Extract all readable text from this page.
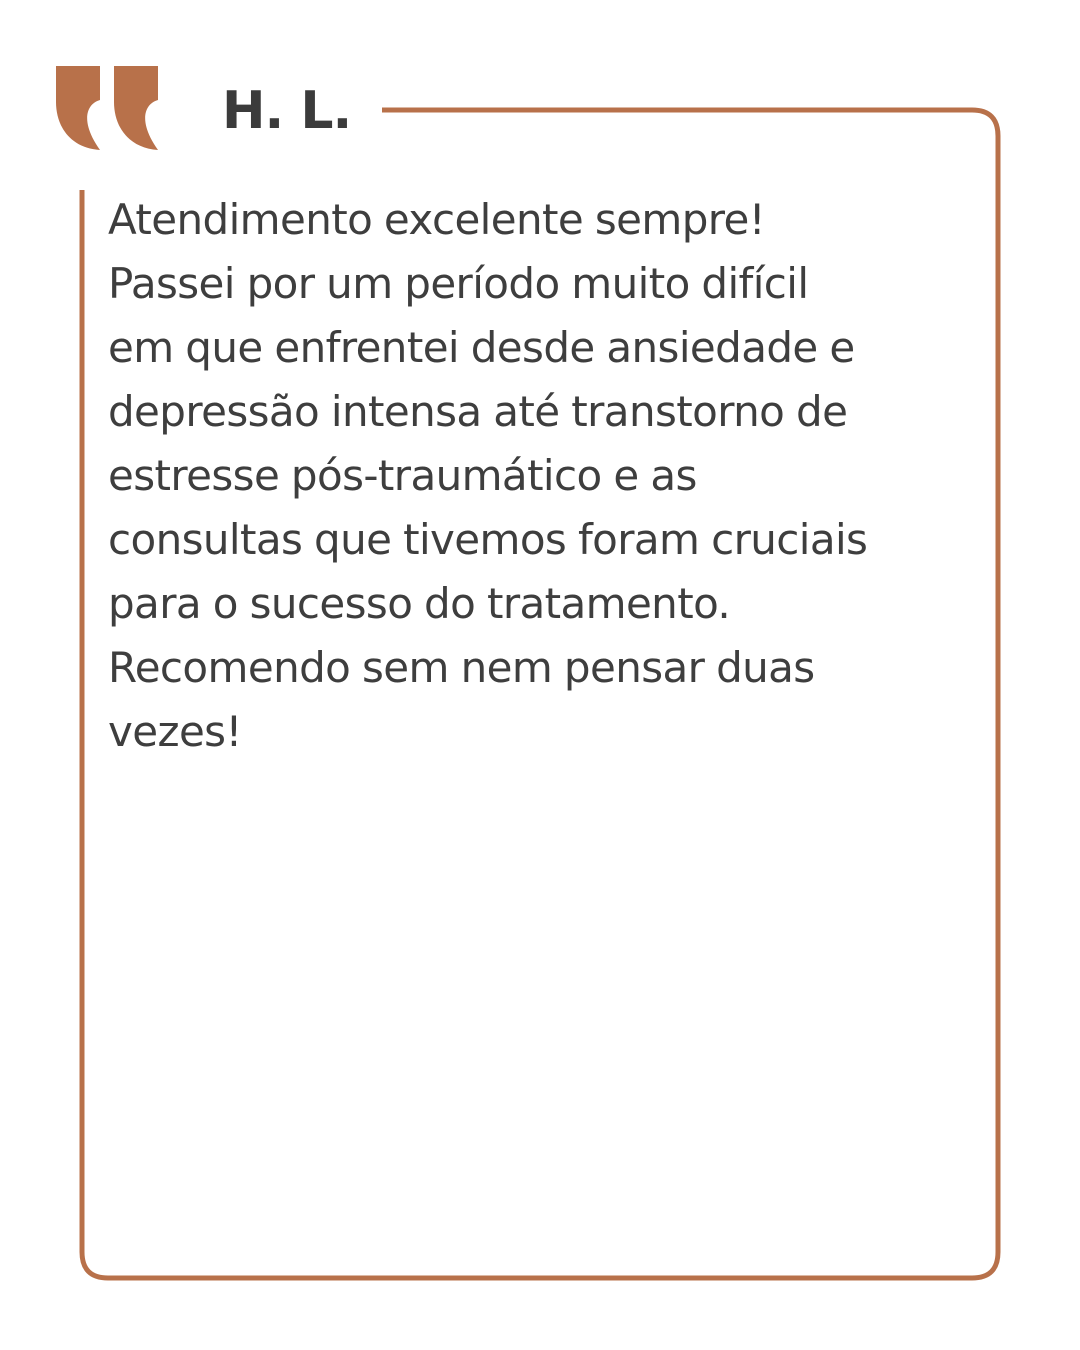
H. L.

Atendimento excelente sempre!
Passei por um período muito difícil
em que enfrentei desde ansiedade e
depressão intensa até transtorno de
estresse pós-traumático e as
consultas que tivemos foram cruciais
para o sucesso do tratamento.
Recomendo sem nem pensar duas
vezes!
